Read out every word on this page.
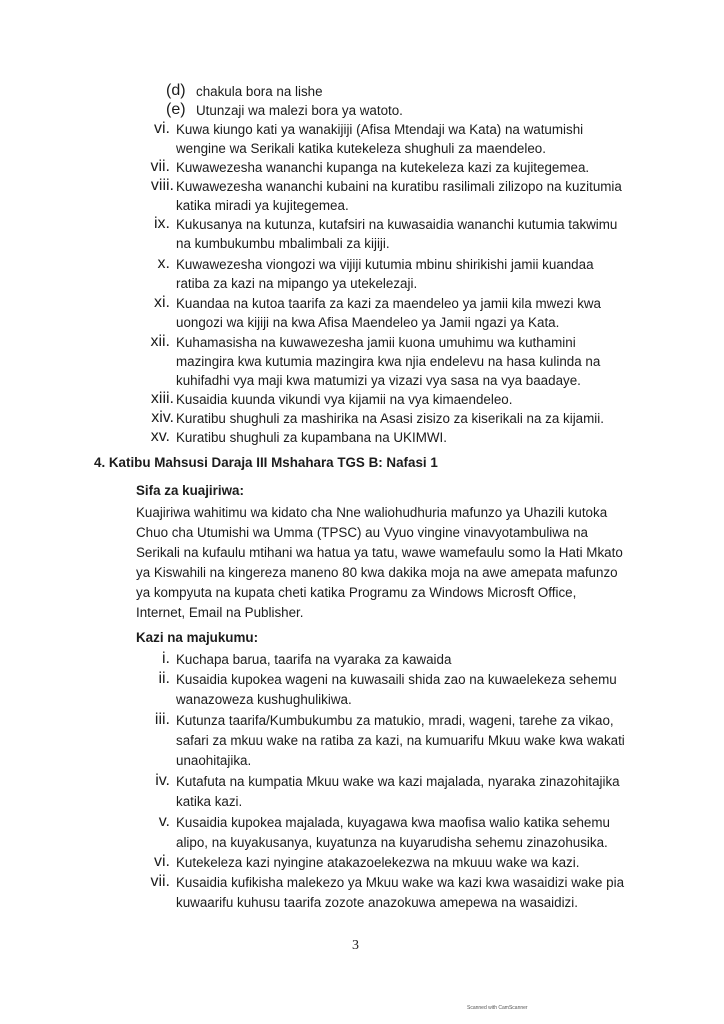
(d) chakula bora na lishe
(e) Utunzaji wa malezi bora ya watoto.
vi. Kuwa kiungo kati ya wanakijiji (Afisa Mtendaji wa Kata) na watumishi
wengine wa Serikali katika kutekeleza shughuli za maendeleo.
vii. Kuwawezesha wananchi kupanga na kutekeleza kazi za kujitegemea.
viii. Kuwawezesha wananchi kubaini na kuratibu rasilimali zilizopo na kuzitumia
katika miradi ya kujitegemea.
ix. Kukusanya na kutunza, kutafsiri na kuwasaidia wananchi kutumia takwimu
na kumbukumbu mbalimbali za kijiji.
x. Kuwawezesha viongozi wa vijiji kutumia mbinu shirikishi jamii kuandaa
ratiba za kazi na mipango ya utekelezaji.
xi. Kuandaa na kutoa taarifa za kazi za maendeleo ya jamii kila mwezi kwa
uongozi wa kijiji na kwa Afisa Maendeleo ya Jamii ngazi ya Kata.
xii. Kuhamasisha na kuwawezesha jamii kuona umuhimu wa kuthamini
mazingira kwa kutumia mazingira kwa njia endelevu na hasa kulinda na
kuhifadhi vya maji kwa matumizi ya vizazi vya sasa na vya baadaye.
xiii. Kusaidia kuunda vikundi vya kijamii na vya kimaendeleo.
xiv. Kuratibu shughuli za mashirika na Asasi zisizo za kiserikali na za kijamii.
xv. Kuratibu shughuli za kupambana na UKIMWI.
4. Katibu Mahsusi Daraja III Mshahara TGS B: Nafasi 1
Sifa za kuajiriwa:
Kuajiriwa wahitimu wa kidato cha Nne waliohudhuria mafunzo ya Uhazili kutoka
Chuo cha Utumishi wa Umma (TPSC) au Vyuo vingine vinavyotambuliwa na
Serikali na kufaulu mtihani wa hatua ya tatu, wawe wamefaulu somo la Hati Mkato
ya Kiswahili na kingereza maneno 80 kwa dakika moja na awe amepata mafunzo
ya kompyuta na kupata cheti katika Programu za Windows Microsft Office,
Internet, Email na Publisher.
Kazi na majukumu:
i. Kuchapa barua, taarifa na vyaraka za kawaida
ii. Kusaidia kupokea wageni na kuwasaili shida zao na kuwaelekeza sehemu
wanazoweza kushughulikiwa.
iii. Kutunza taarifa/Kumbukumbu za matukio, mradi, wageni, tarehe za vikao,
safari za mkuu wake na ratiba za kazi, na kumuarifu Mkuu wake kwa wakati
unaohitajika.
iv. Kutafuta na kumpatia Mkuu wake wa kazi majalada, nyaraka zinazohitajika
katika kazi.
v. Kusaidia kupokea majalada, kuyagawa kwa maofisa walio katika sehemu
alipo, na kuyakusanya, kuyatunza na kuyarudisha sehemu zinazohusika.
vi. Kutekeleza kazi nyingine atakazoelekezwa na mkuuu wake wa kazi.
vii. Kusaidia kufikisha malekezo ya Mkuu wake wa kazi kwa wasaidizi wake pia
kuwaarifu kuhusu taarifa zozote anazokuwa amepewa na wasaidizi.
3
Scanned with CamScanner
